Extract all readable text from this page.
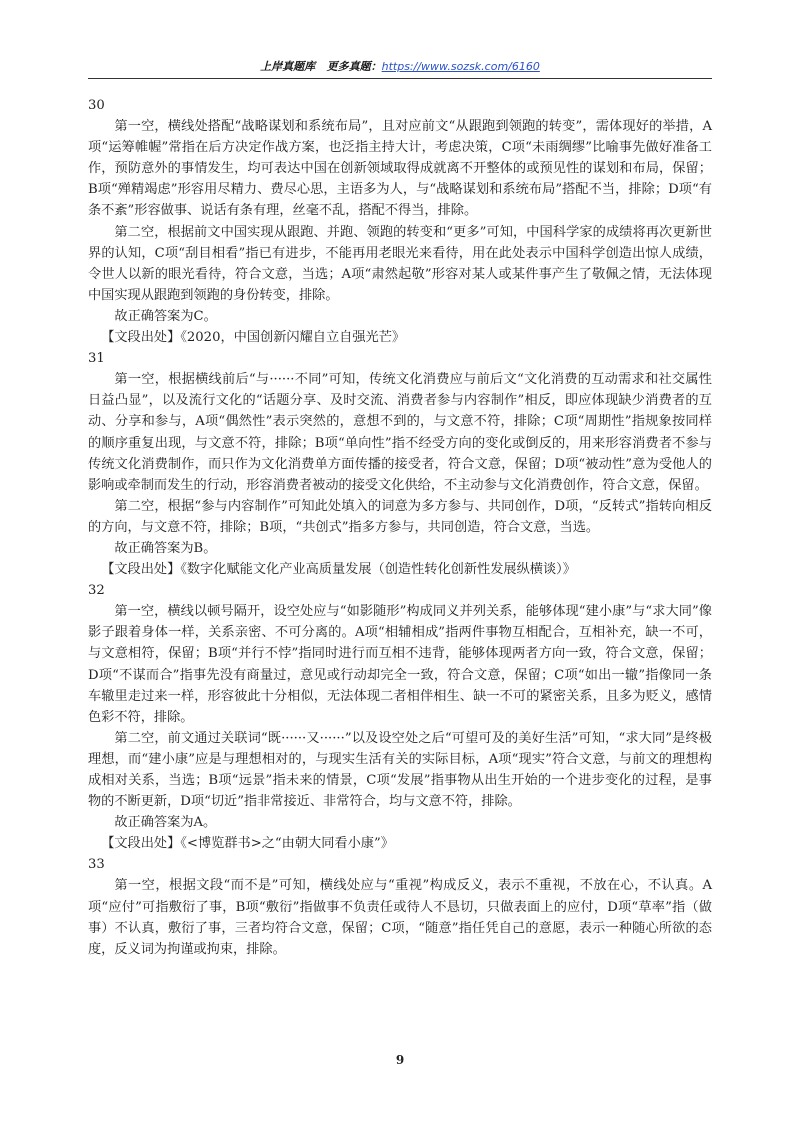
上岸真题库 更多真题：https://www.sozsk.com/6160

30

第一空，横线处搭配“战略谋划和系统布局”，且对应前文“从跟跑到领跑的转变”，需体现好的举措，A项“运筹帷幄”常指在后方决定作战方案，也泛指主持大计，考虑决策，C项“未雨绸缪”比喻事先做好准备工作，预防意外的事情发生，均可表达中国在创新领域取得成就离不开整体的或预见性的谋划和布局，保留；B项“殚精竭虑”形容用尽精力、费尽心思，主语多为人，与“战略谋划和系统布局”搭配不当，排除；D项“有条不紊”形容做事、说话有条有理，丝毫不乱，搭配不得当，排除。

第二空，根据前文中国实现从跟跑、并跑、领跑的转变和“更多”可知，中国科学家的成绩将再次更新世界的认知，C项“刮目相看”指已有进步，不能再用老眼光来看待，用在此处表示中国科学创造出惊人成绩，令世人以新的眼光看待，符合文意，当选；A项“肃然起敬”形容对某人或某件事产生了敬佩之情，无法体现中国实现从跟跑到领跑的身份转变，排除。

故正确答案为C。

【文段出处】《2020，中国创新闪耀自立自强光芒》

31

第一空，根据横线前后“与······不同”可知，传统文化消费应与前后文“文化消费的互动需求和社交属性日益凸显”，以及流行文化的“话题分享、及时交流、消费者参与内容制作”相反，即应体现缺少消费者的互动、分享和参与，A项“偶然性”表示突然的，意想不到的，与文意不符，排除；C项“周期性”指规象按同样的顺序重复出现，与文意不符，排除；B项“单向性”指不经受方向的变化或倒反的，用来形容消费者不参与传统文化消费制作，而只作为文化消费单方面传播的接受者，符合文意，保留；D项“被动性”意为受他人的影响或牵制而发生的行动，形容消费者被动的接受文化供给，不主动参与文化消费创作，符合文意，保留。

第二空，根据“参与内容制作”可知此处填入的词意为多方参与、共同创作，D项，“反转式”指转向相反的方向，与文意不符，排除；B项，“共创式”指多方参与，共同创造，符合文意，当选。

故正确答案为B。

【文段出处】《数字化赋能文化产业高质量发展（创造性转化创新性发展纵横谈）》

32

第一空，横线以顿号隔开，设空处应与“如影随形”构成同义并列关系，能够体现“建小康”与“求大同”像影子跟着身体一样，关系亲密、不可分离的。A项“相辅相成”指两件事物互相配合，互相补充，缺一不可，与文意相符，保留；B项“并行不悖”指同时进行而互相不违背，能够体现两者方向一致，符合文意，保留；D项“不谋而合”指事先没有商量过，意见或行动却完全一致，符合文意，保留；C项“如出一辙”指像同一条车辙里走过来一样，形容彼此十分相似，无法体现二者相伴相生、缺一不可的紧密关系，且多为贬义，感情色彩不符，排除。

第二空，前文通过关联词“既······又······”以及设空处之后“可望可及的美好生活”可知，“求大同”是终极理想，而“建小康”应是与理想相对的，与现实生活有关的实际目标，A项“现实”符合文意，与前文的理想构成相对关系，当选；B项“远景”指未来的情景，C项“发展”指事物从出生开始的一个进步变化的过程，是事物的不断更新，D项“切近”指非常接近、非常符合，均与文意不符，排除。

故正确答案为A。

【文段出处】《<博览群书>之“由朝大同看小康”》

33

第一空，根据文段“而不是”可知，横线处应与“重视”构成反义，表示不重视，不放在心，不认真。A项“应付”可指敷衍了事，B项“敷衍”指做事不负责任或待人不恳切，只做表面上的应付，D项“草率”指（做事）不认真，敷衍了事，三者均符合文意，保留；C项，“随意”指任凭自己的意愿，表示一种随心所欲的态度，反义词为拘谨或拘束，排除。

9
